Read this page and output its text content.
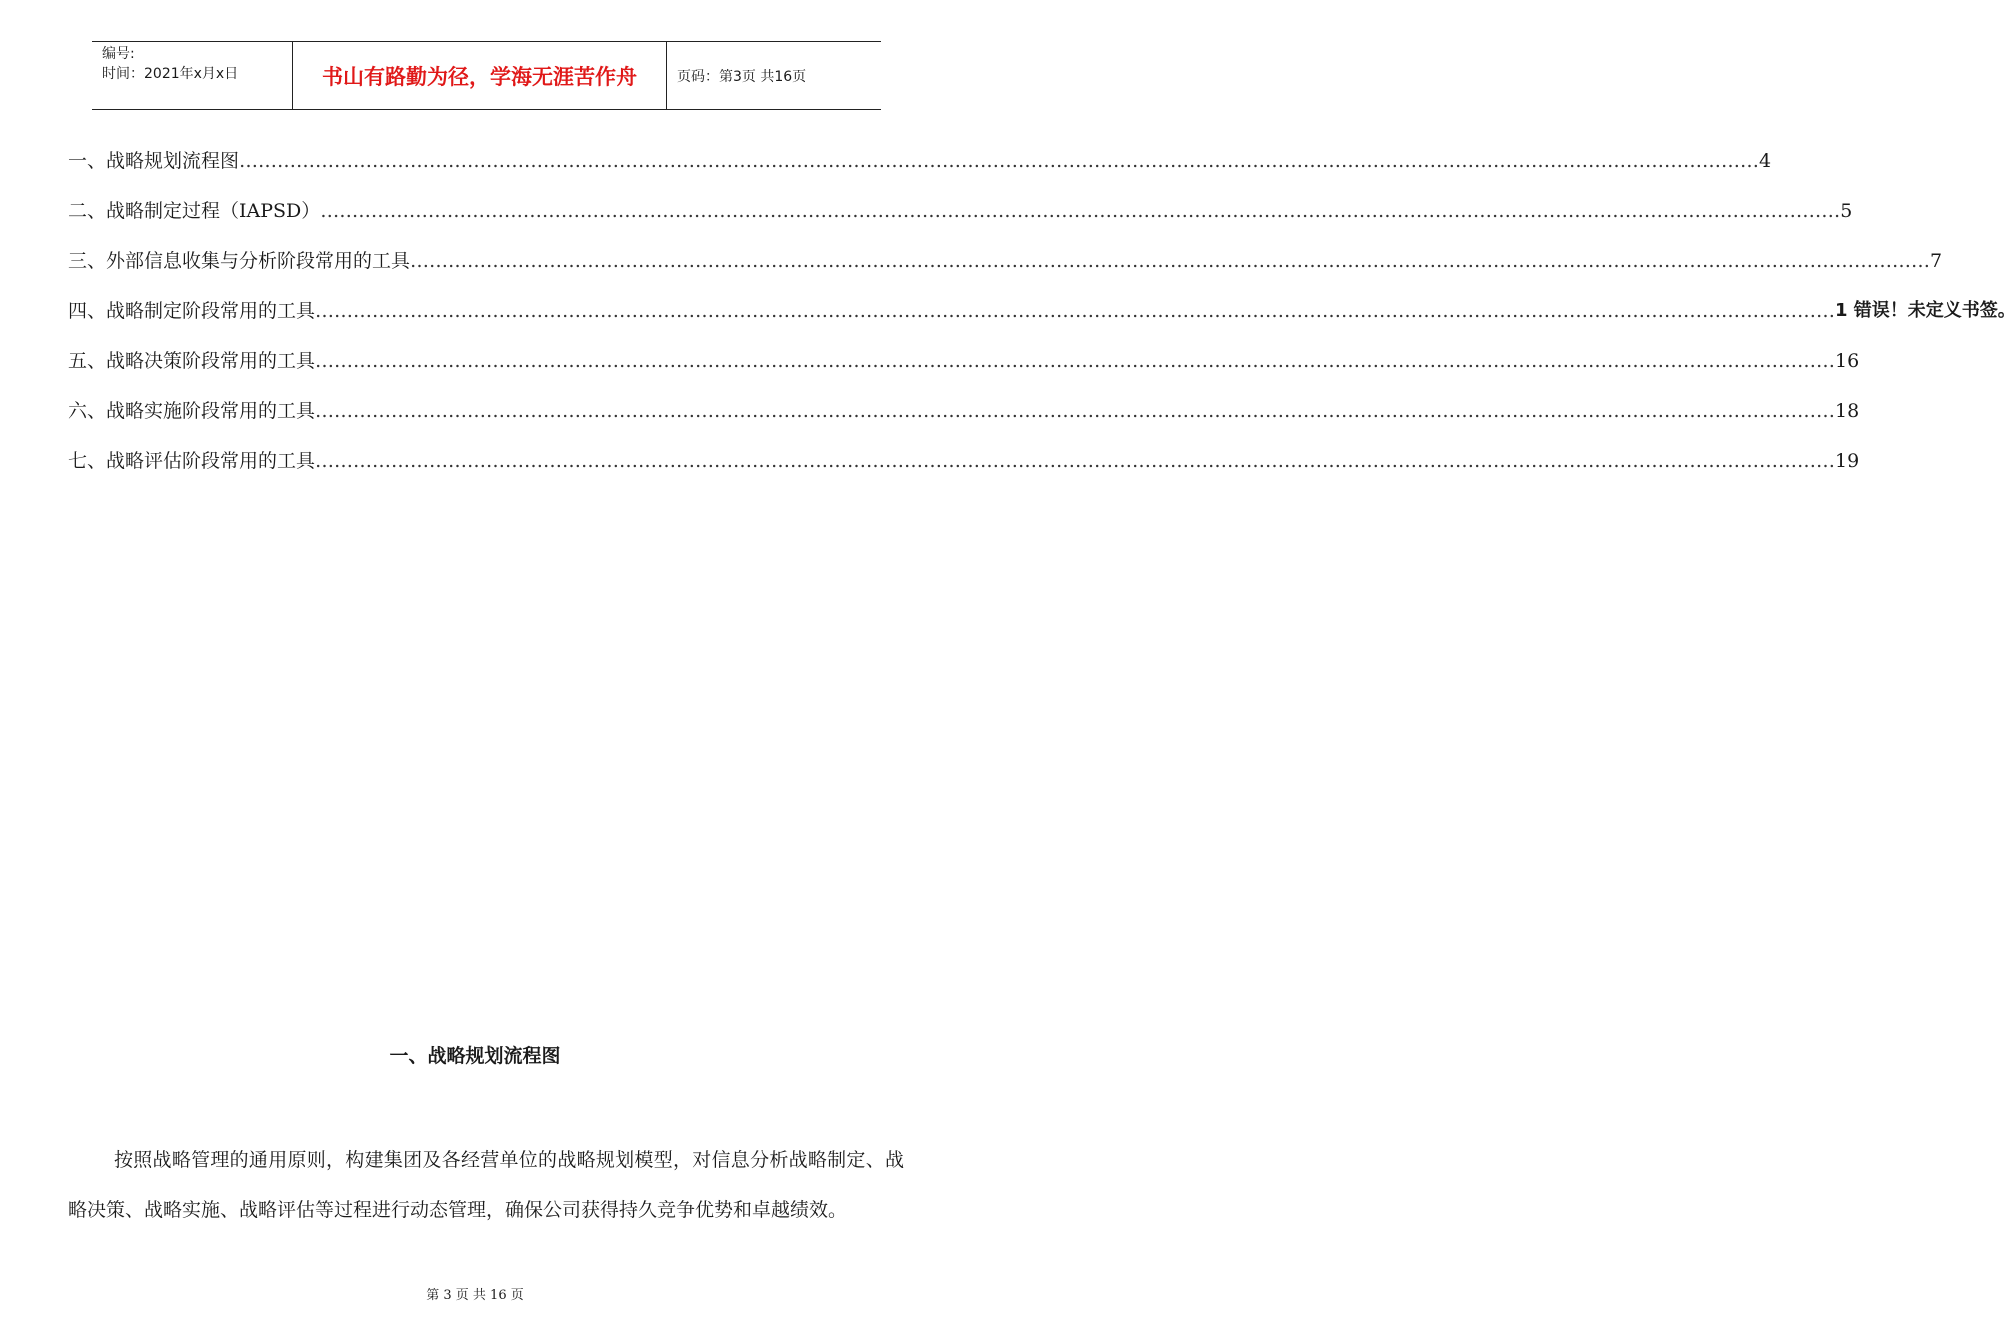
编号:
时间：2021年x月x日	书山有路勤为径，学海无涯苦作舟	页码：第3页 共16页
一、战略规划流程图 …………………………………………………………………………………………………………………………………………………………………………………………………………………… 4
二、战略制定过程（IAPSD） …………………………………………………………………………………………………………………………………………………………………………………………………………………… 5
三、外部信息收集与分析阶段常用的工具 …………………………………………………………………………………………………………………………………………………………………………………………………………………… 7
四、战略制定阶段常用的工具 …………………………………………………………………………………………………………………………………………………………………………………………………………………… 1 错误！未定义书签。
五、战略决策阶段常用的工具 …………………………………………………………………………………………………………………………………………………………………………………………………………………… 16
六、战略实施阶段常用的工具 …………………………………………………………………………………………………………………………………………………………………………………………………………………… 18
七、战略评估阶段常用的工具 …………………………………………………………………………………………………………………………………………………………………………………………………………………… 19
一、战略规划流程图
按照战略管理的通用原则，构建集团及各经营单位的战略规划模型，对信息分析战略制定、战略决策、战略实施、战略评估等过程进行动态管理，确保公司获得持久竞争优势和卓越绩效。
第 3 页 共 16 页
